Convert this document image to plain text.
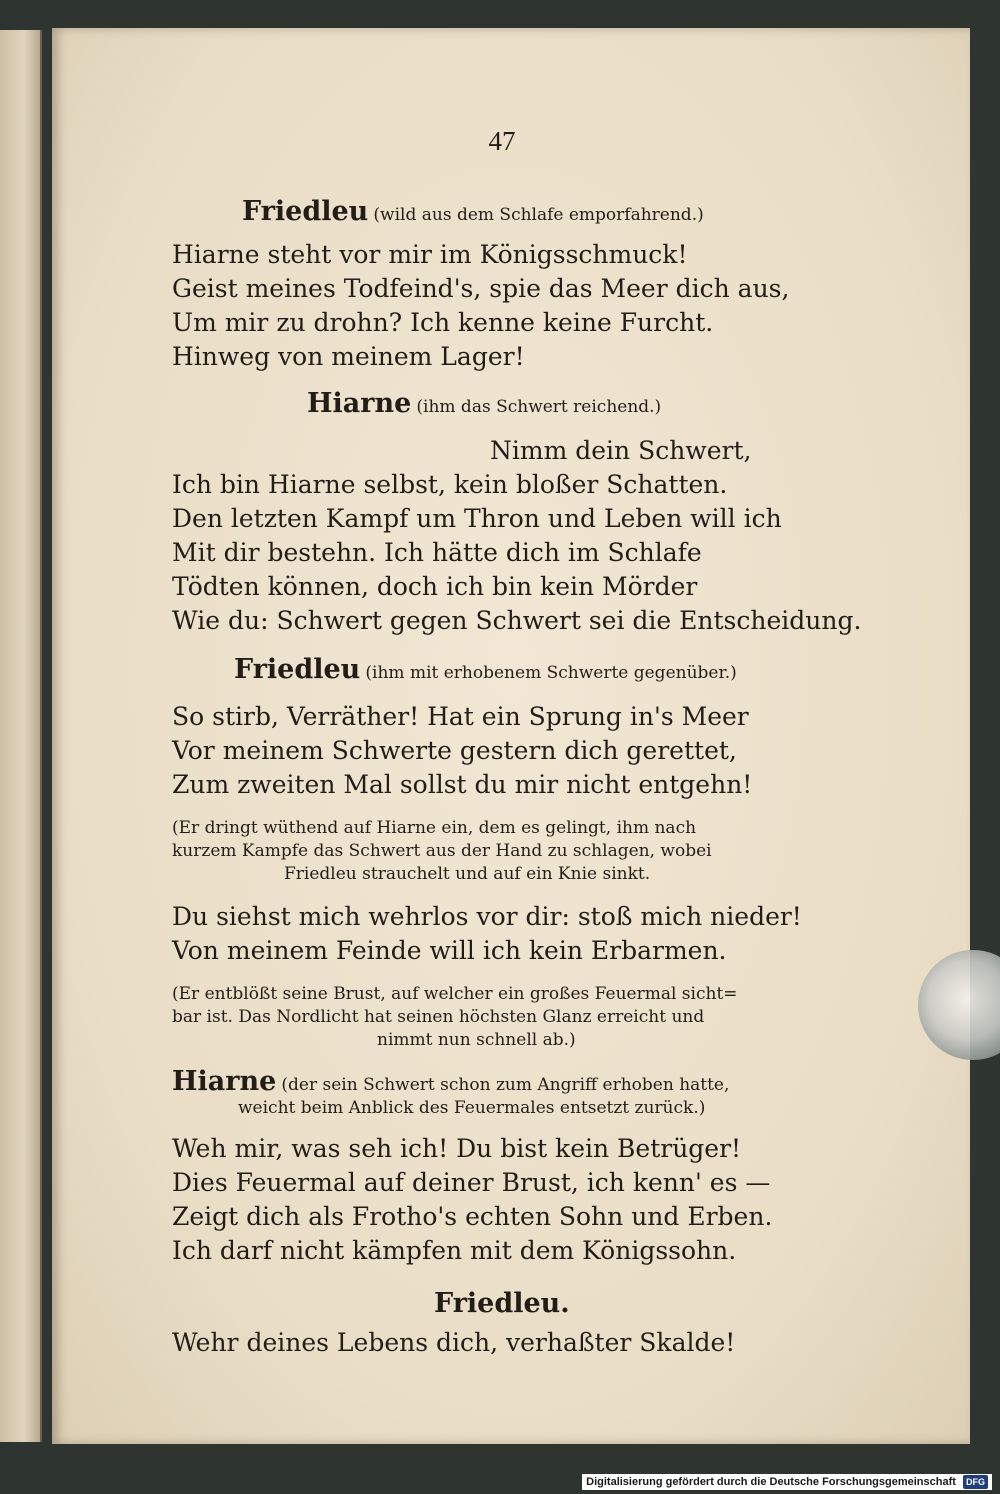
47
Friedleu (wild aus dem Schlafe emporfahrend.)
Hiarne steht vor mir im Königsschmuck!
Geist meines Todfeind's, spie das Meer dich aus,
Um mir zu drohn? Ich kenne keine Furcht.
Hinweg von meinem Lager!
Hiarne (ihm das Schwert reichend.)
Nimm dein Schwert,
Ich bin Hiarne selbst, kein bloßer Schatten.
Den letzten Kampf um Thron und Leben will ich
Mit dir bestehn. Ich hätte dich im Schlafe
Tödten können, doch ich bin kein Mörder
Wie du: Schwert gegen Schwert sei die Entscheidung.
Friedleu (ihm mit erhobenem Schwerte gegenüber.)
So stirb, Verräther! Hat ein Sprung in's Meer
Vor meinem Schwerte gestern dich gerettet,
Zum zweiten Mal sollst du mir nicht entgehn!
(Er dringt wüthend auf Hiarne ein, dem es gelingt, ihm nach
kurzem Kampfe das Schwert aus der Hand zu schlagen, wobei
Friedleu strauchelt und auf ein Knie sinkt.
Du siehst mich wehrlos vor dir: stoß mich nieder!
Von meinem Feinde will ich kein Erbarmen.
(Er entblößt seine Brust, auf welcher ein großes Feuermal sicht=
bar ist. Das Nordlicht hat seinen höchsten Glanz erreicht und
nimmt nun schnell ab.)
Hiarne (der sein Schwert schon zum Angriff erhoben hatte,
weicht beim Anblick des Feuermales entsetzt zurück.)
Weh mir, was seh ich! Du bist kein Betrüger!
Dies Feuermal auf deiner Brust, ich kenn' es —
Zeigt dich als Frotho's echten Sohn und Erben.
Ich darf nicht kämpfen mit dem Königssohn.
Friedleu.
Wehr deines Lebens dich, verhaßter Skalde!
Digitalisierung gefördert durch die Deutsche Forschungsgemeinschaft DFG
